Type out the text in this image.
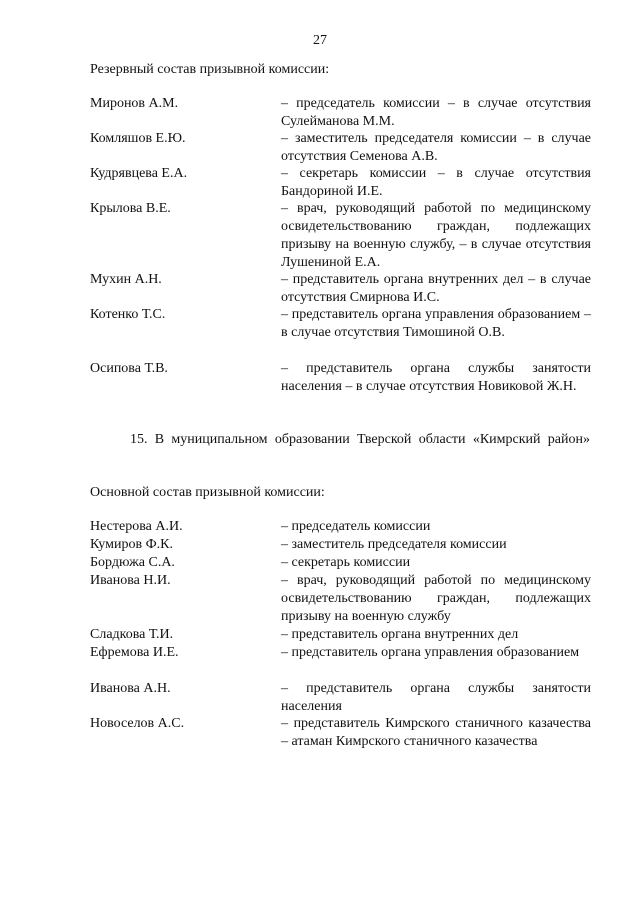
27
Резервный состав призывной комиссии:
Миронов А.М.	– председатель комиссии – в случае отсутствия Сулейманова М.М.
Комляшов Е.Ю.	– заместитель председателя комиссии – в случае отсутствия Семенова А.В.
Кудрявцева Е.А.	– секретарь комиссии – в случае отсутствия Бандориной И.Е.
Крылова В.Е.	– врач, руководящий работой по медицинскому освидетельствованию граждан, подлежащих призыву на военную службу, – в случае отсутствия Лушениной Е.А.
Мухин А.Н.	– представитель органа внутренних дел – в случае отсутствия Смирнова И.С.
Котенко Т.С.	– представитель органа управления образованием – в случае отсутствия Тимошиной О.В.
Осипова Т.В.	– представитель органа службы занятости населения – в случае отсутствия Новиковой Ж.Н.
15. В муниципальном образовании Тверской области «Кимрский район»
Основной состав призывной комиссии:
Нестерова А.И.	– председатель комиссии
Кумиров Ф.К.	– заместитель председателя комиссии
Бордюжа С.А.	– секретарь комиссии
Иванова Н.И.	– врач, руководящий работой по медицинскому освидетельствованию граждан, подлежащих призыву на военную службу
Сладкова Т.И.	– представитель органа внутренних дел
Ефремова И.Е.	– представитель органа управления образованием
Иванова А.Н.	– представитель органа службы занятости населения
Новоселов А.С.	– представитель Кимрского станичного казачества – атаман Кимрского станичного казачества
